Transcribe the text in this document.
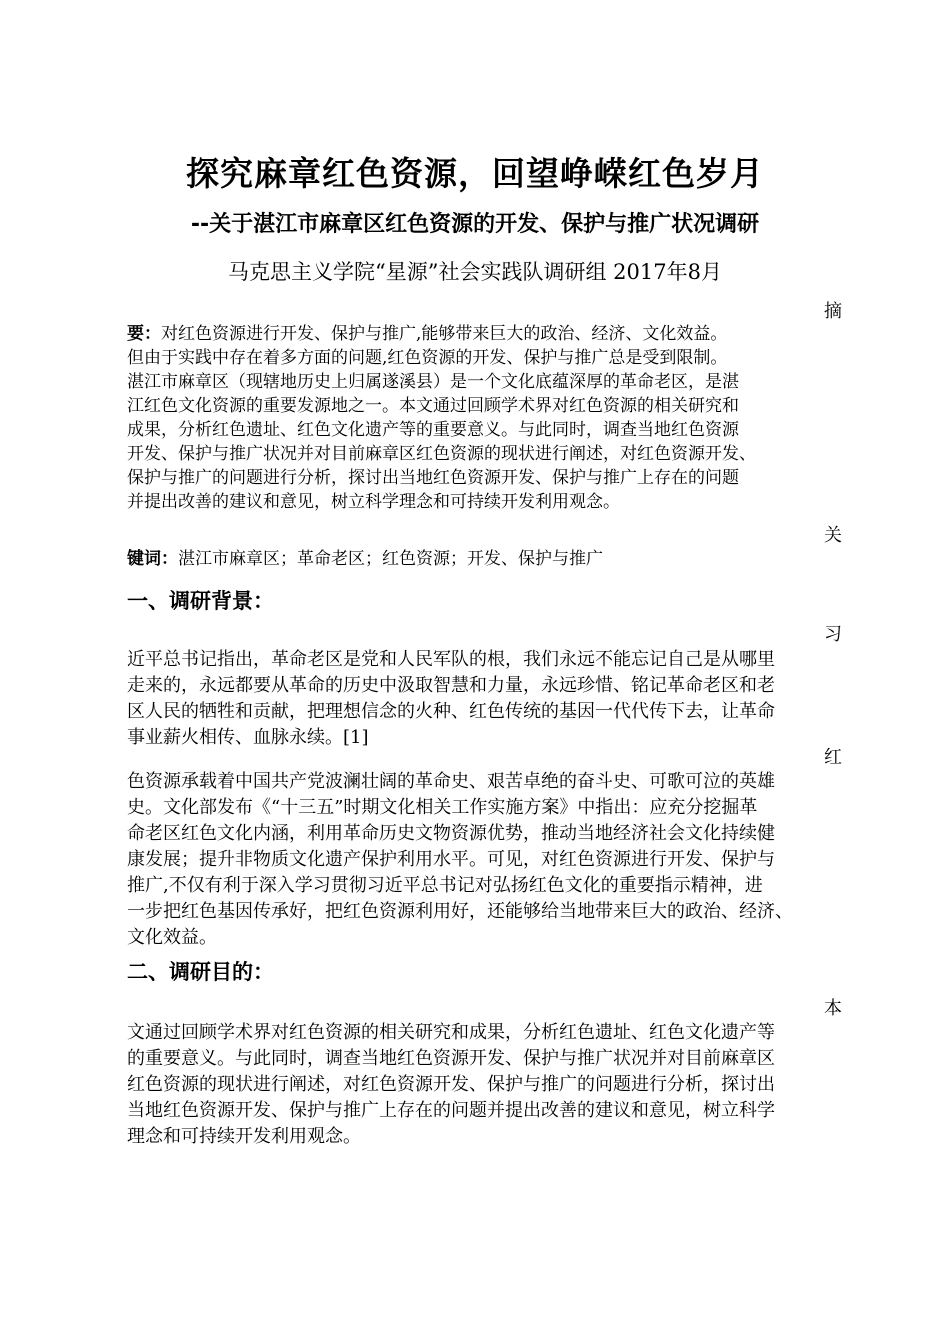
探究麻章红色资源，回望峥嵘红色岁月
--关于湛江市麻章区红色资源的开发、保护与推广状况调研
马克思主义学院“星源”社会实践队调研组 2017年8月
摘
要：对红色资源进行开发、保护与推广,能够带来巨大的政治、经济、文化效益。
但由于实践中存在着多方面的问题,红色资源的开发、保护与推广总是受到限制。
湛江市麻章区（现辖地历史上归属遂溪县）是一个文化底蕴深厚的革命老区，是湛
江红色文化资源的重要发源地之一。本文通过回顾学术界对红色资源的相关研究和
成果，分析红色遗址、红色文化遗产等的重要意义。与此同时，调查当地红色资源
开发、保护与推广状况并对目前麻章区红色资源的现状进行阐述，对红色资源开发、
保护与推广的问题进行分析，探讨出当地红色资源开发、保护与推广上存在的问题
并提出改善的建议和意见，树立科学理念和可持续开发利用观念。
关
键词：湛江市麻章区；革命老区；红色资源；开发、保护与推广
一、调研背景：
习
近平总书记指出，革命老区是党和人民军队的根，我们永远不能忘记自己是从哪里
走来的，永远都要从革命的历史中汲取智慧和力量，永远珍惜、铭记革命老区和老
区人民的牺牲和贡献，把理想信念的火种、红色传统的基因一代代传下去，让革命
事业薪火相传、血脉永续。[1]
红
色资源承载着中国共产党波澜壮阔的革命史、艰苦卓绝的奋斗史、可歌可泣的英雄
史。文化部发布《“十三五”时期文化相关工作实施方案》中指出：应充分挖掘革
命老区红色文化内涵，利用革命历史文物资源优势，推动当地经济社会文化持续健
康发展；提升非物质文化遗产保护利用水平。可见，对红色资源进行开发、保护与
推广,不仅有利于深入学习贯彻习近平总书记对弘扬红色文化的重要指示精神，进
一步把红色基因传承好，把红色资源利用好，还能够给当地带来巨大的政治、经济、
文化效益。
二、调研目的：
本
文通过回顾学术界对红色资源的相关研究和成果，分析红色遗址、红色文化遗产等
的重要意义。与此同时，调查当地红色资源开发、保护与推广状况并对目前麻章区
红色资源的现状进行阐述，对红色资源开发、保护与推广的问题进行分析，探讨出
当地红色资源开发、保护与推广上存在的问题并提出改善的建议和意见，树立科学
理念和可持续开发利用观念。
